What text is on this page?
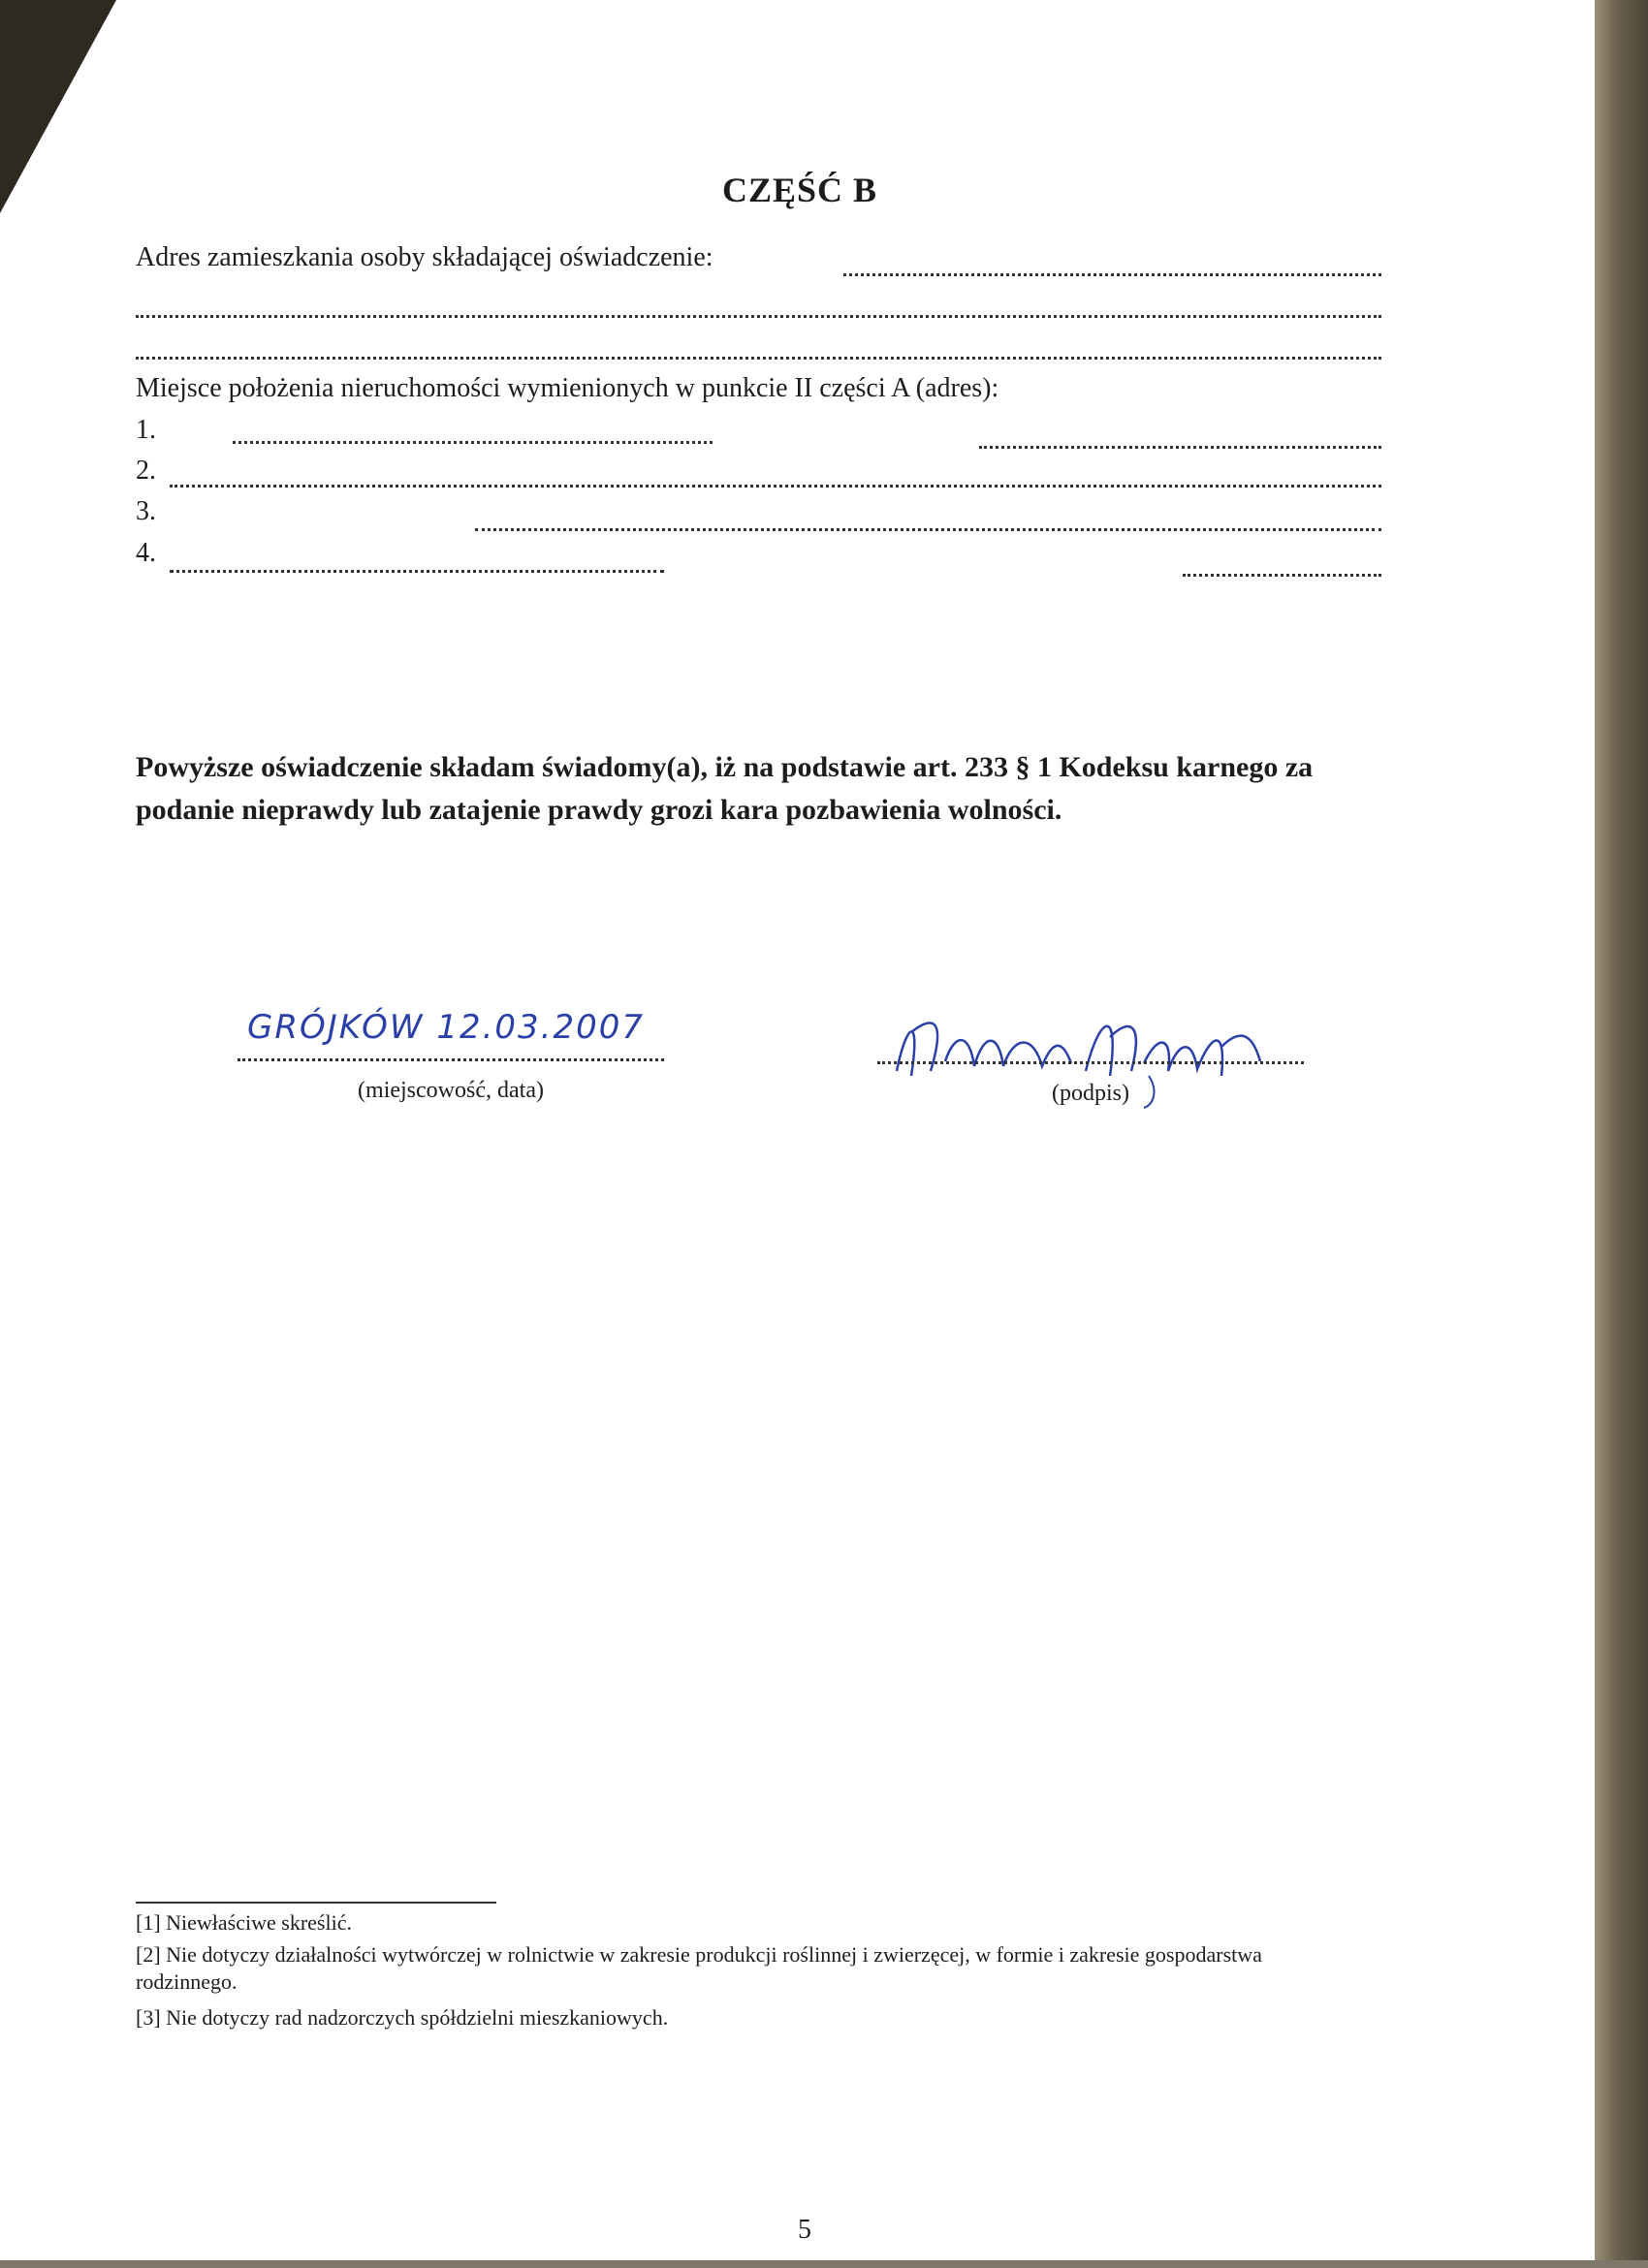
CZĘŚĆ B
Adres zamieszkania osoby składającej oświadczenie:
Miejsce położenia nieruchomości wymienionych w punkcie II części A (adres):
1.
2.
3.
4.
Powyższe oświadczenie składam świadomy(a), iż na podstawie art. 233 § 1 Kodeksu karnego za podanie nieprawdy lub zatajenie prawdy grozi kara pozbawienia wolności.
GRÓJKÓW 12.03.2007
(miejscowość, data)	(podpis)
[1] Niewłaściwe skreślić.
[2] Nie dotyczy działalności wytwórczej w rolnictwie w zakresie produkcji roślinnej i zwierzęcej, w formie i zakresie gospodarstwa rodzinnego.
[3] Nie dotyczy rad nadzorczych spółdzielni mieszkaniowych.
5
